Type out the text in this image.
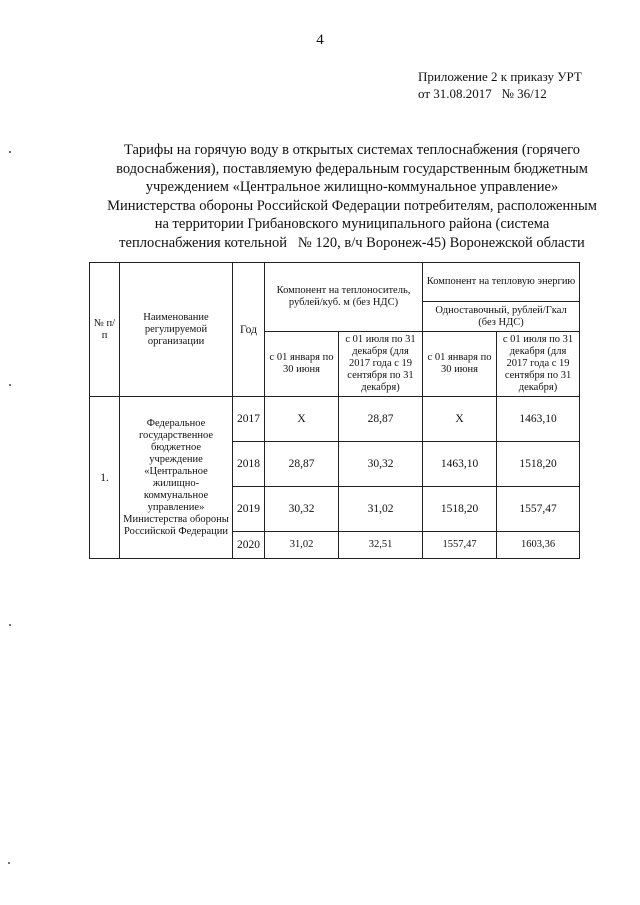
4
Приложение 2 к приказу УРТ
от 31.08.2017   № 36/12
Тарифы на горячую воду в открытых системах теплоснабжения (горячего
водоснабжения), поставляемую федеральным государственным бюджетным
учреждением «Центральное жилищно-коммунальное управление»
Министерства обороны Российской Федерации потребителям, расположенным
на территории Грибановского муниципального района (система
теплоснабжения котельной   № 120, в/ч Воронеж-45) Воронежской области
№ п/п	Наименование регулируемой организации	Год	Компонент на теплоноситель, рублей/куб. м (без НДС)		Компонент на тепловую энергию	
					Одноставочный, рублей/Гкал (без НДС)	
			с 01 января по 30 июня	с 01 июля по 31 декабря (для 2017 года с 19 сентября по 31 декабря)	с 01 января по 30 июня	с 01 июля по 31 декабря (для 2017 года с 19 сентября по 31 декабря)
1.	Федеральное государственное бюджетное учреждение «Центральное жилищно-коммунальное управление» Министерства обороны Российской Федерации	2017	X	28,87	X	1463,10
		2018	28,87	30,32	1463,10	1518,20
		2019	30,32	31,02	1518,20	1557,47
		2020	31,02	32,51	1557,47	1603,36
